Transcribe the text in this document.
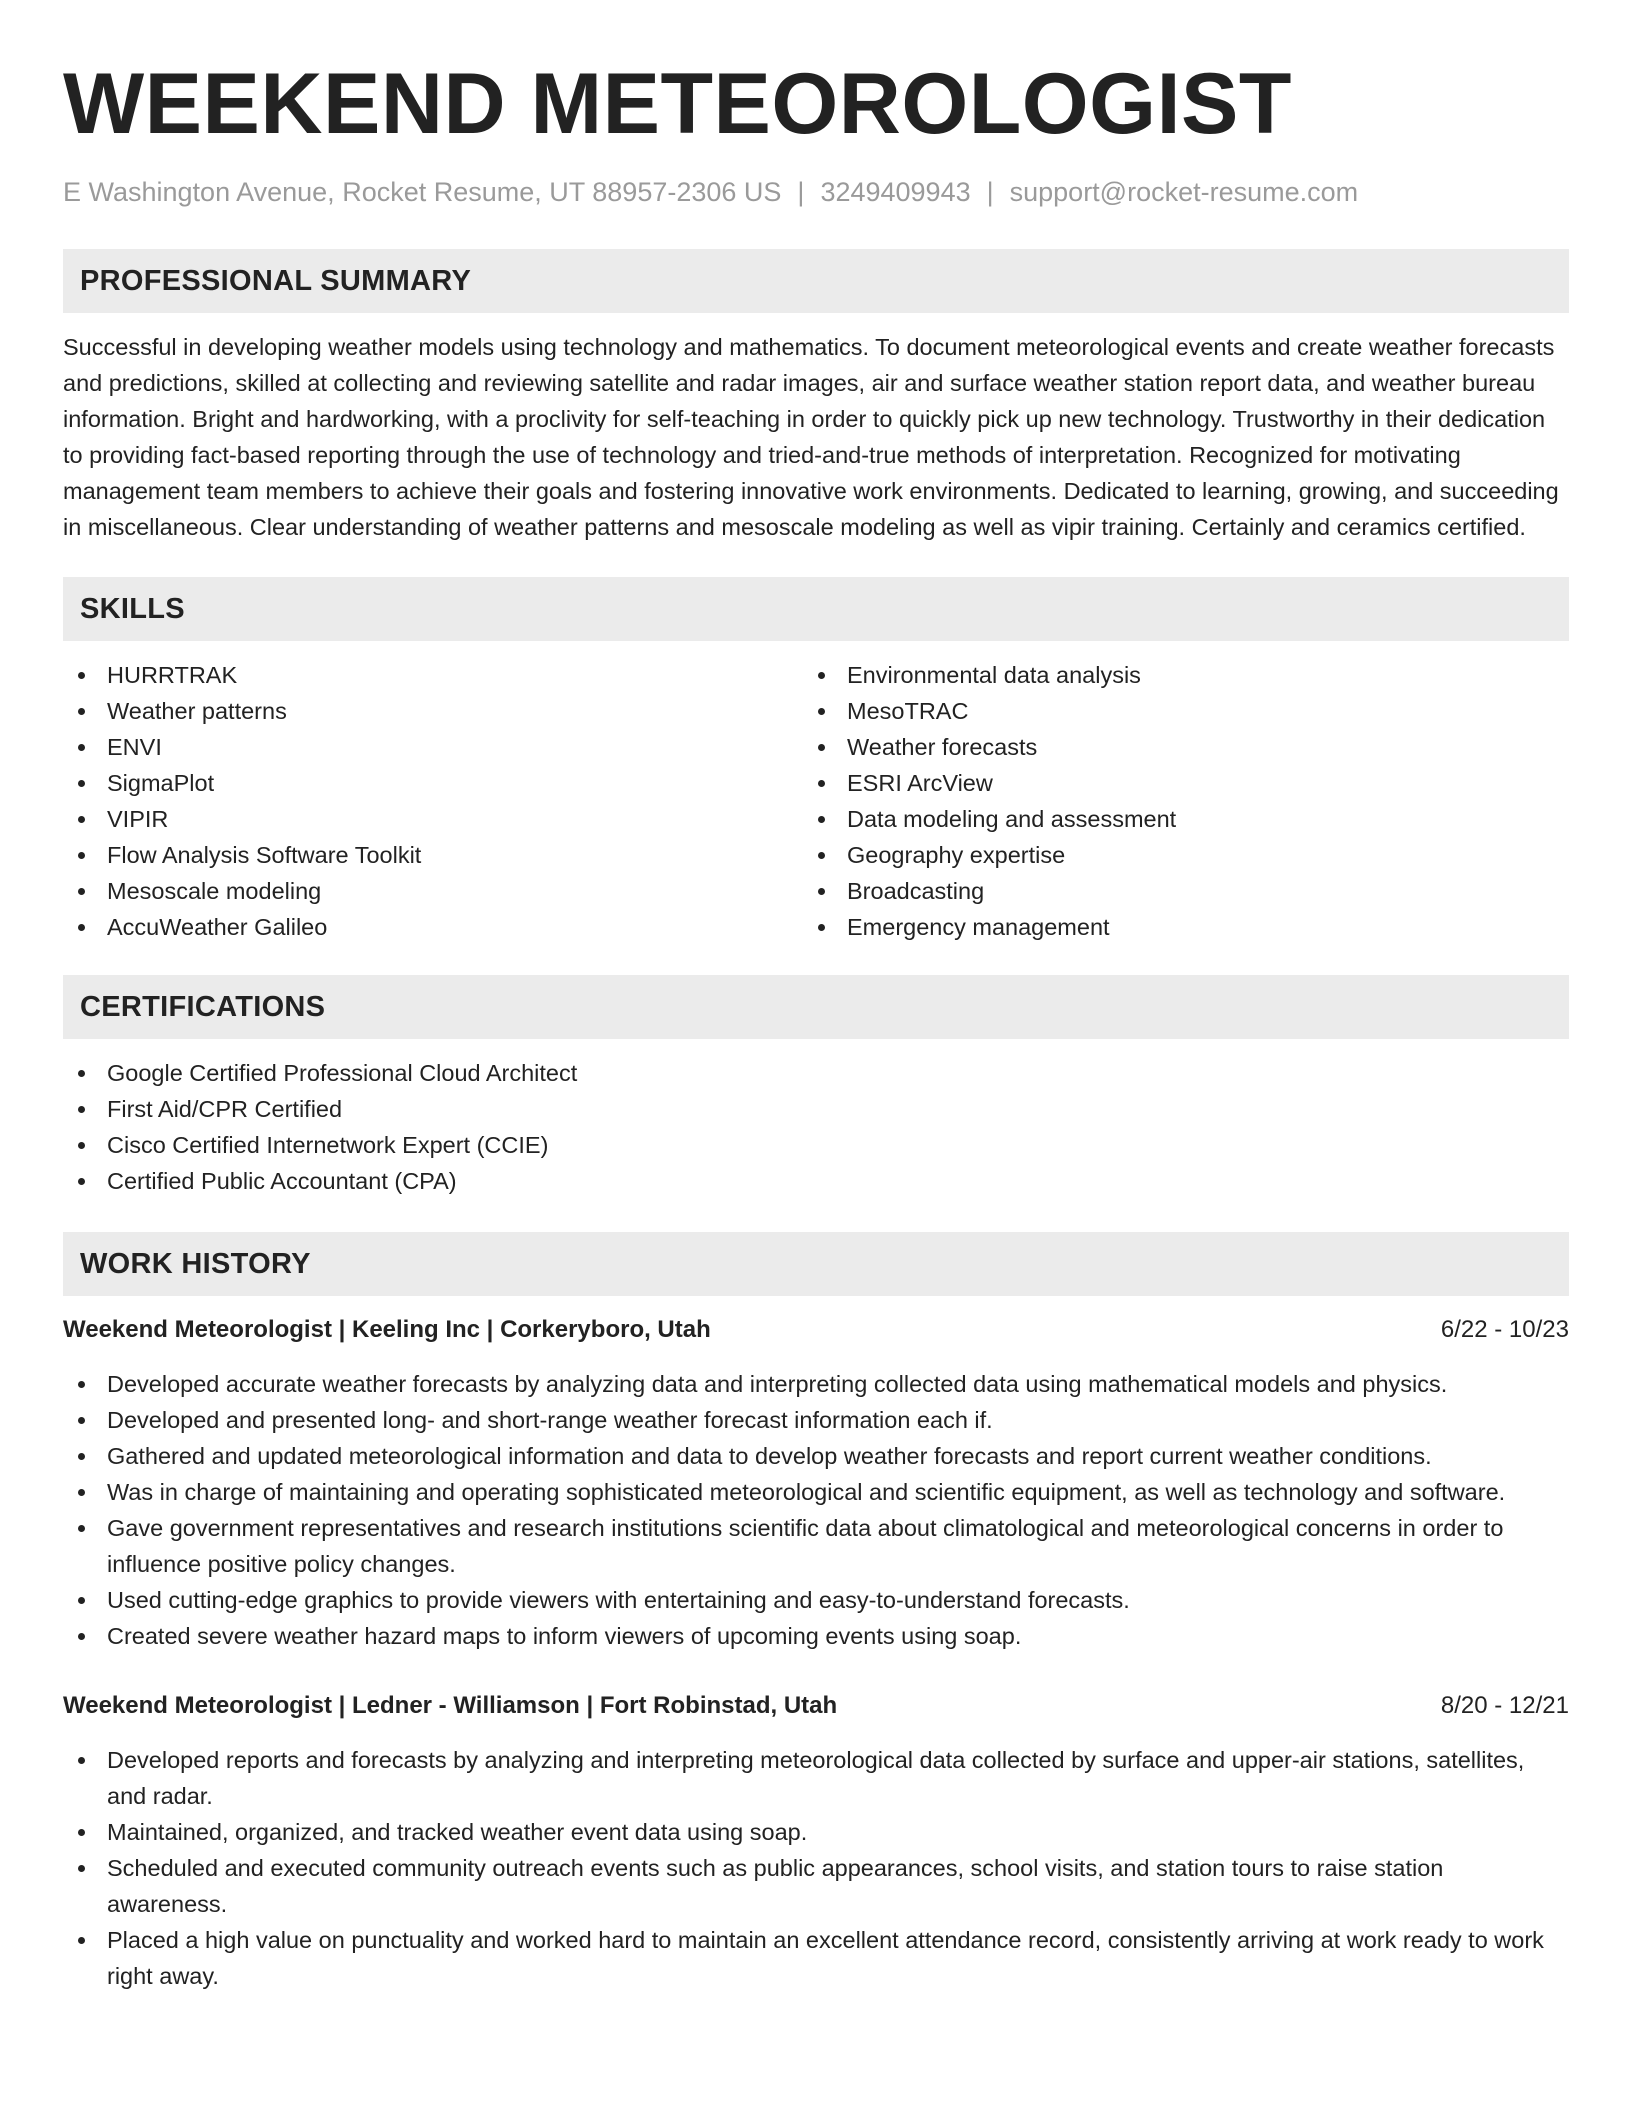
WEEKEND METEOROLOGIST
E Washington Avenue, Rocket Resume, UT 88957-2306 US | 3249409943 | support@rocket-resume.com
PROFESSIONAL SUMMARY

Successful in developing weather models using technology and mathematics. To document meteorological events and create weather forecasts and predictions, skilled at collecting and reviewing satellite and radar images, air and surface weather station report data, and weather bureau information. Bright and hardworking, with a proclivity for self-teaching in order to quickly pick up new technology. Trustworthy in their dedication to providing fact-based reporting through the use of technology and tried-and-true methods of interpretation. Recognized for motivating management team members to achieve their goals and fostering innovative work environments. Dedicated to learning, growing, and succeeding in miscellaneous. Clear understanding of weather patterns and mesoscale modeling as well as vipir training. Certainly and ceramics certified.

SKILLS
HURRTRAK
Weather patterns
ENVI
SigmaPlot
VIPIR
Flow Analysis Software Toolkit
Mesoscale modeling
AccuWeather Galileo
Environmental data analysis
MesoTRAC
Weather forecasts
ESRI ArcView
Data modeling and assessment
Geography expertise
Broadcasting
Emergency management
CERTIFICATIONS
Google Certified Professional Cloud Architect
First Aid/CPR Certified
Cisco Certified Internetwork Expert (CCIE)
Certified Public Accountant (CPA)
WORK HISTORY
Weekend Meteorologist | Keeling Inc | Corkeryboro, Utah	6/22 - 10/23
Developed accurate weather forecasts by analyzing data and interpreting collected data using mathematical models and physics.
Developed and presented long- and short-range weather forecast information each if.
Gathered and updated meteorological information and data to develop weather forecasts and report current weather conditions.
Was in charge of maintaining and operating sophisticated meteorological and scientific equipment, as well as technology and software.
Gave government representatives and research institutions scientific data about climatological and meteorological concerns in order to influence positive policy changes.
Used cutting-edge graphics to provide viewers with entertaining and easy-to-understand forecasts.
Created severe weather hazard maps to inform viewers of upcoming events using soap.
Weekend Meteorologist | Ledner - Williamson | Fort Robinstad, Utah	8/20 - 12/21
Developed reports and forecasts by analyzing and interpreting meteorological data collected by surface and upper-air stations, satellites, and radar.
Maintained, organized, and tracked weather event data using soap.
Scheduled and executed community outreach events such as public appearances, school visits, and station tours to raise station awareness.
Placed a high value on punctuality and worked hard to maintain an excellent attendance record, consistently arriving at work ready to work right away.
